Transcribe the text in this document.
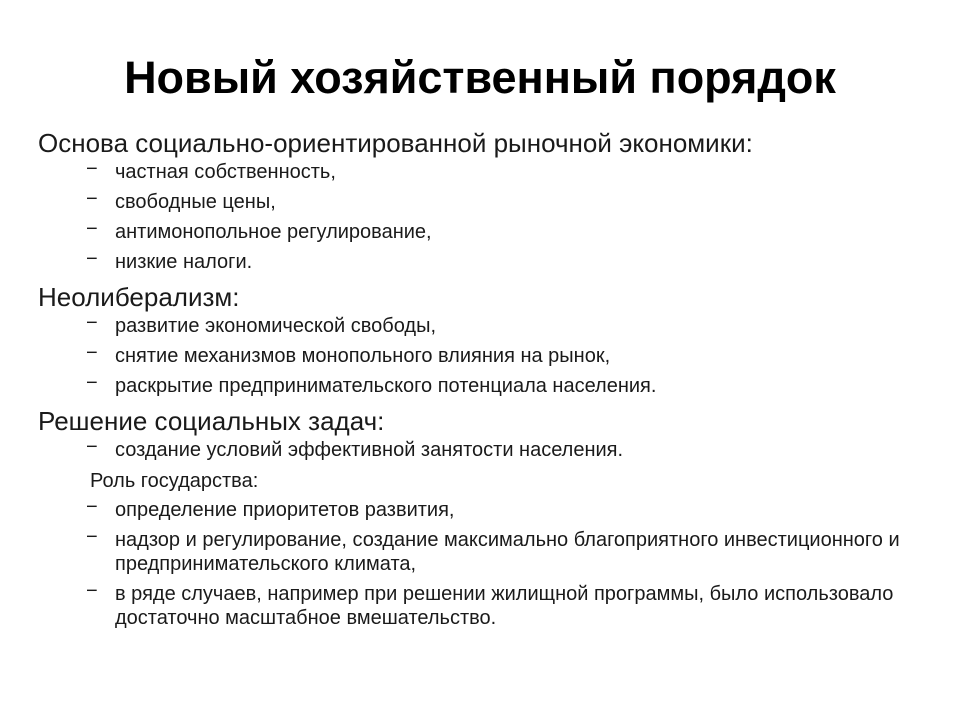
Новый хозяйственный порядок
Основа социально-ориентированной рыночной экономики:
− частная собственность,
− свободные цены,
− антимонопольное регулирование,
− низкие налоги.
Неолиберализм:
− развитие экономической свободы,
− снятие механизмов монопольного влияния на рынок,
− раскрытие предпринимательского потенциала населения.
Решение социальных задач:
− создание условий эффективной занятости населения.
Роль государства:
− определение приоритетов развития,
− надзор и регулирование, создание максимально благоприятного инвестиционного и предпринимательского климата,
− в ряде случаев, например при решении жилищной программы, было использовало достаточно масштабное вмешательство.
